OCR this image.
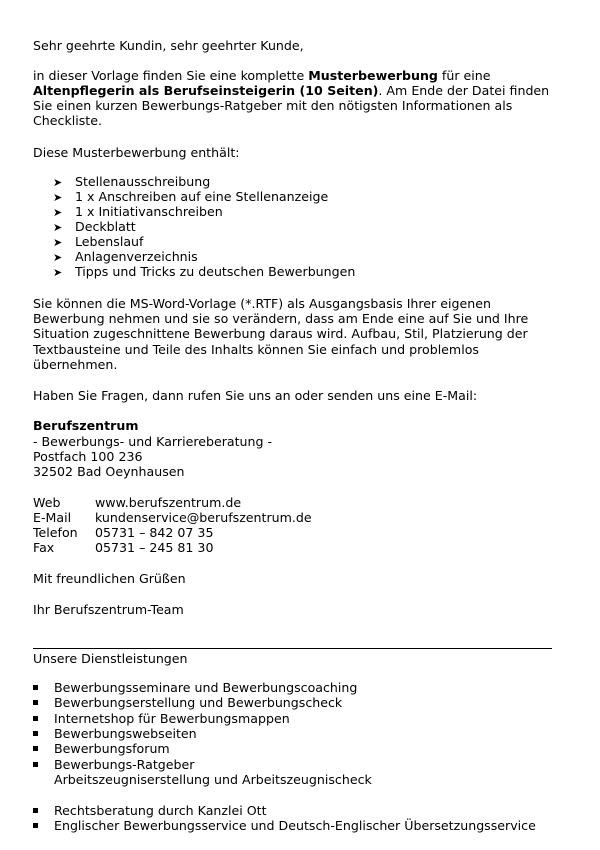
Sehr geehrte Kundin, sehr geehrter Kunde,
in dieser Vorlage finden Sie eine komplette Musterbewerbung für eine
Altenpflegerin als Berufseinsteigerin (10 Seiten). Am Ende der Datei finden
Sie einen kurzen Bewerbungs-Ratgeber mit den nötigsten Informationen als
Checkliste.
Diese Musterbewerbung enthält:
➤ Stellenausschreibung
➤ 1 x Anschreiben auf eine Stellenanzeige
➤ 1 x Initiativanschreiben
➤ Deckblatt
➤ Lebenslauf
➤ Anlagenverzeichnis
➤ Tipps und Tricks zu deutschen Bewerbungen
Sie können die MS-Word-Vorlage (*.RTF) als Ausgangsbasis Ihrer eigenen
Bewerbung nehmen und sie so verändern, dass am Ende eine auf Sie und Ihre
Situation zugeschnittene Bewerbung daraus wird. Aufbau, Stil, Platzierung der
Textbausteine und Teile des Inhalts können Sie einfach und problemlos
übernehmen.
Haben Sie Fragen, dann rufen Sie uns an oder senden uns eine E-Mail:
Berufszentrum
- Bewerbungs- und Karriereberatung -
Postfach 100 236
32502 Bad Oeynhausen
Web	www.berufszentrum.de
E-Mail kundenservice@berufszentrum.de
Telefon 05731 – 842 07 35
Fax	05731 – 245 81 30
Mit freundlichen Grüßen
Ihr Berufszentrum-Team
Unsere Dienstleistungen
Bewerbungsseminare und Bewerbungscoaching
Bewerbungserstellung und Bewerbungscheck
Internetshop für Bewerbungsmappen
Bewerbungswebseiten
Bewerbungsforum
Bewerbungs-Ratgeber
Arbeitszeugniserstellung und Arbeitszeugnischeck
Rechtsberatung durch Kanzlei Ott
Englischer Bewerbungsservice und Deutsch-Englischer Übersetzungsservice
